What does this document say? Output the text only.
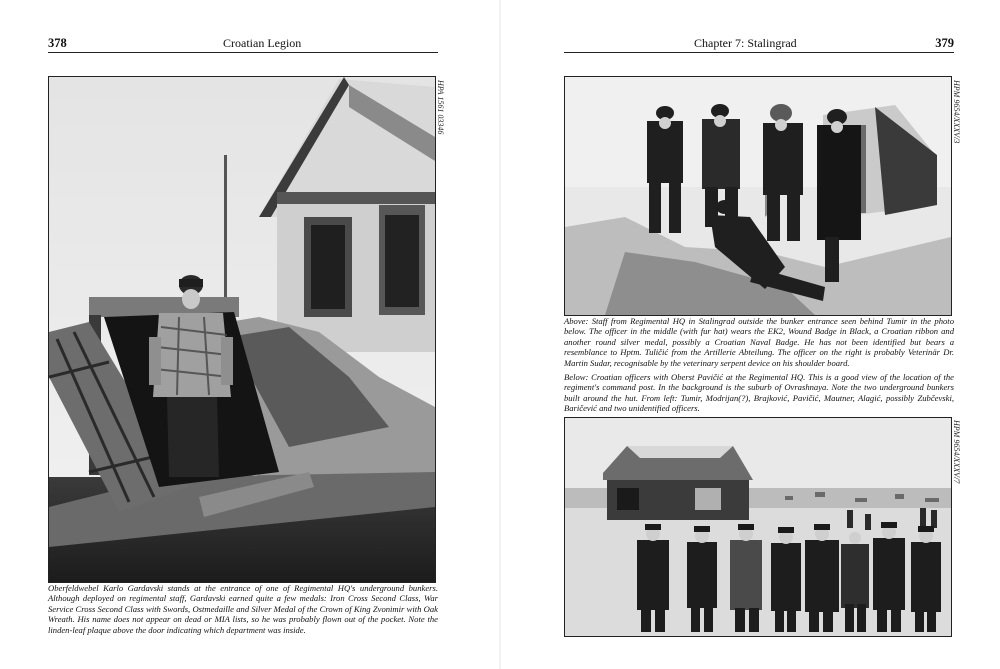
378	Croatian Legion
HPA 1561 03346

Oberfeldwebel Karlo Gardavski stands at the entrance of one of Regimental HQ's underground bunkers. Although deployed on regimental staff, Gardavski earned quite a few medals: Iron Cross Second Class, War Service Cross Second Class with Swords, Ostmedaille and Silver Medal of the Crown of King Zvonimir with Oak Wreath. His name does not appear on dead or MIA lists, so he was probably flown out of the pocket. Note the linden-leaf plaque above the door indicating which department was inside.

Chapter 7: Stalingrad	379
HPM 9654/XXXV/3

Above: Staff from Regimental HQ in Stalingrad outside the bunker entrance seen behind Tumir in the photo below. The officer in the middle (with fur hat) wears the EK2, Wound Badge in Black, a Croatian ribbon and another round silver medal, possibly a Croatian Naval Badge. He has not been identified but bears a resemblance to Hptm. Tuličić from the Artillerie Abteilung. The officer on the right is probably Veterinär Dr. Martin Sudar, recognisable by the veterinary serpent device on his shoulder board.

Below: Croatian officers with Oberst Pavičić at the Regimental HQ. This is a good view of the location of the regiment's command post. In the background is the suburb of Ovrashnaya. Note the two underground bunkers built around the hut. From left: Tumir, Modrijan(?), Brajković, Pavičić, Mautner, Alagić, possibly Zubčevski, Baričević and two unidentified officers.

HPM 9654/XXXV/7
